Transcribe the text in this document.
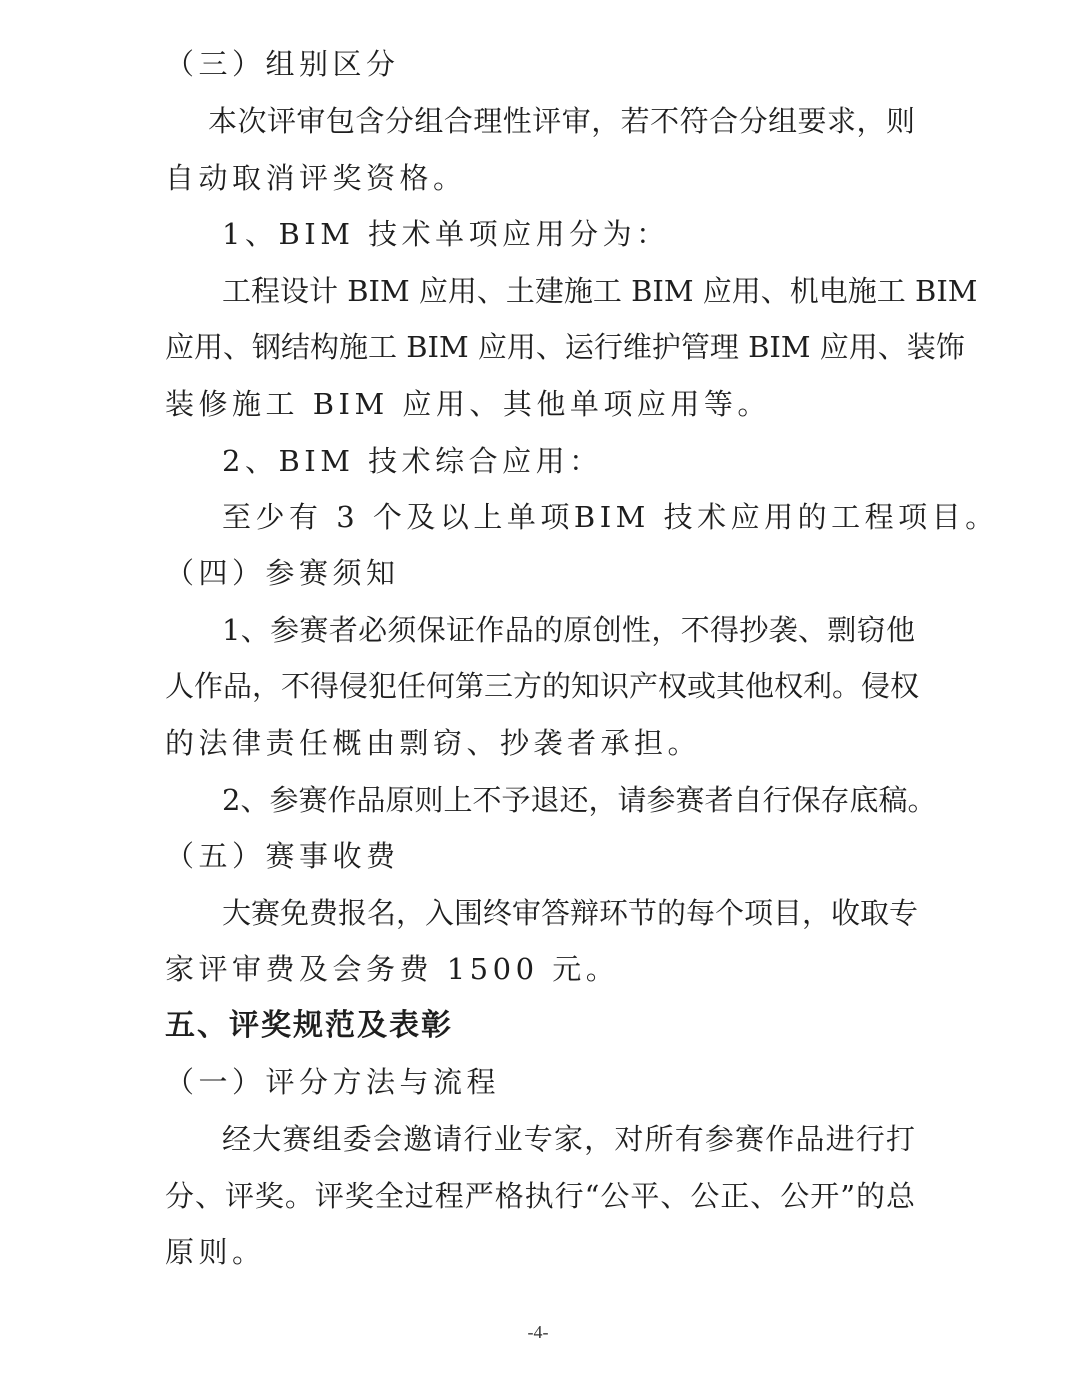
（三）组别区分

本次评审包含分组合理性评审，若不符合分组要求，则

自动取消评奖资格。

1、BIM 技术单项应用分为：

工程设计 BIM 应用、土建施工 BIM 应用、机电施工 BIM

应用、钢结构施工 BIM 应用、运行维护管理 BIM 应用、装饰

装修施工 BIM 应用、其他单项应用等。

2、BIM 技术综合应用：

至少有 3 个及以上单项BIM 技术应用的工程项目。

（四）参赛须知

1、参赛者必须保证作品的原创性，不得抄袭、剽窃他

人作品，不得侵犯任何第三方的知识产权或其他权利。侵权

的法律责任概由剽窃、抄袭者承担。

2、参赛作品原则上不予退还，请参赛者自行保存底稿。

（五）赛事收费

大赛免费报名，入围终审答辩环节的每个项目，收取专

家评审费及会务费 1500 元。

五、评奖规范及表彰

（一）评分方法与流程

经大赛组委会邀请行业专家，对所有参赛作品进行打

分、评奖。评奖全过程严格执行“公平、公正、公开”的总

原则。

-4-
